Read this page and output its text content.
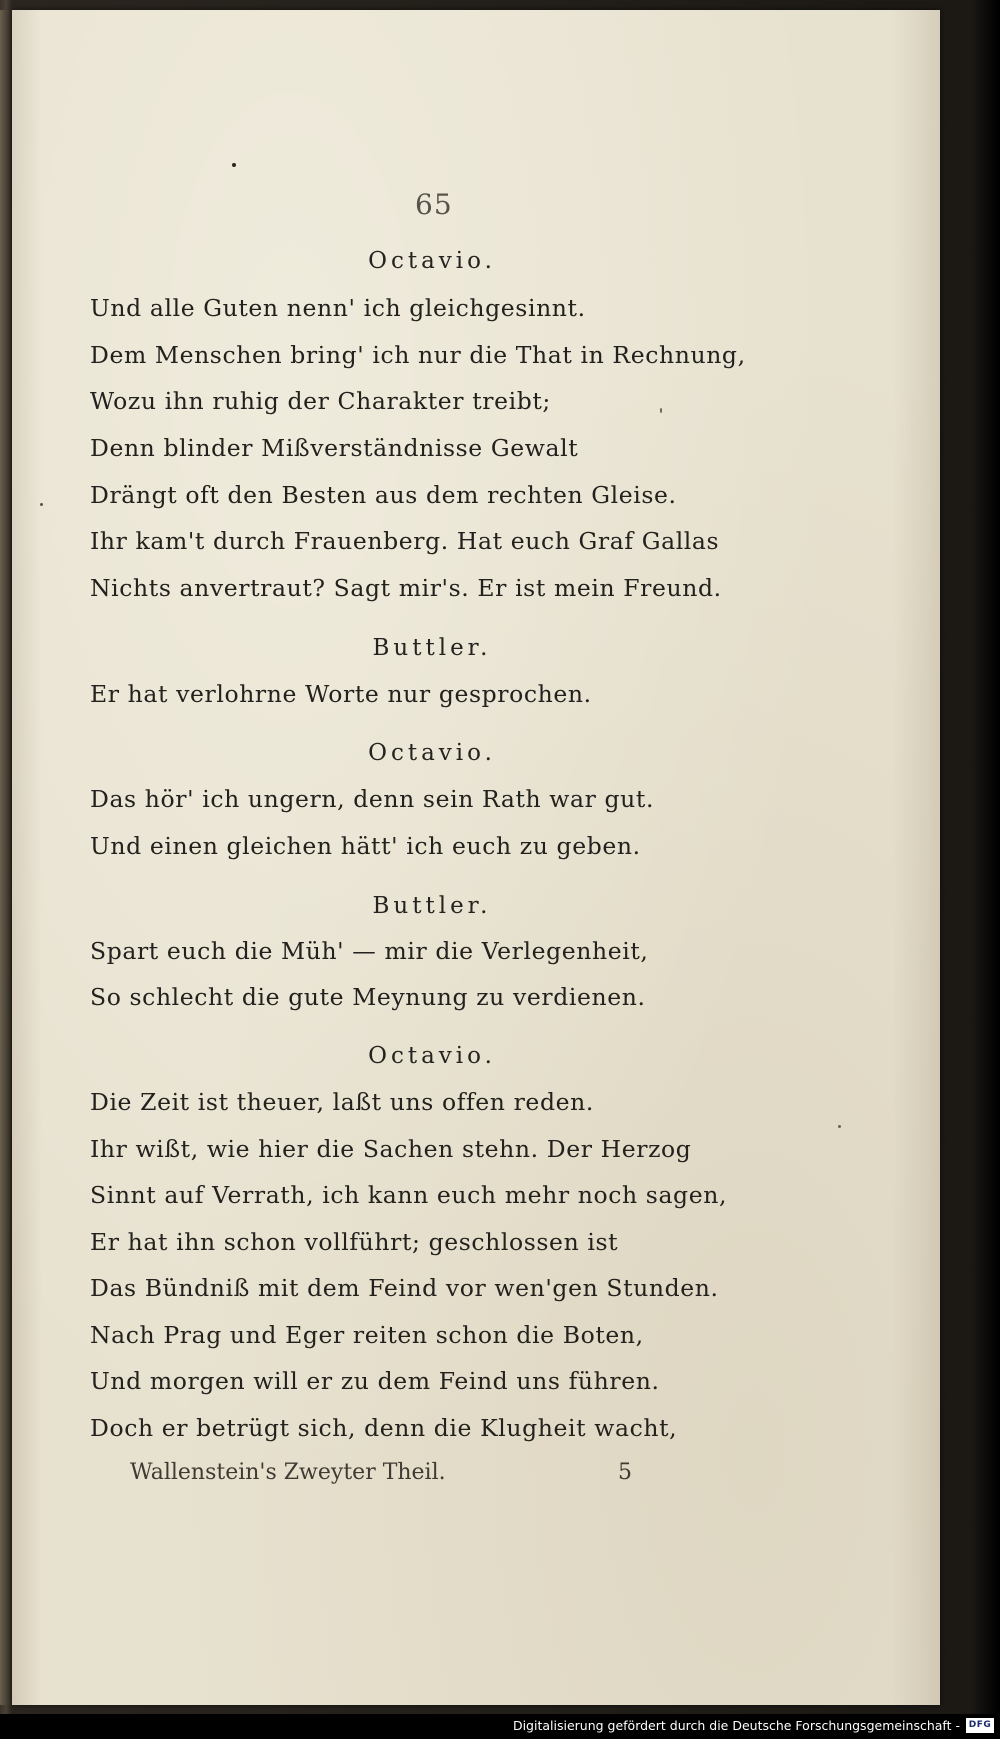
65
Octavio.
Und alle Guten nenn' ich gleichgesinnt.
Dem Menschen bring' ich nur die That in Rechnung,
Wozu ihn ruhig der Charakter treibt;
Denn blinder Mißverständnisse Gewalt
Drängt oft den Besten aus dem rechten Gleise.
Ihr kam't durch Frauenberg. Hat euch Graf Gallas
Nichts anvertraut? Sagt mir's. Er ist mein Freund.
Buttler.
Er hat verlohrne Worte nur gesprochen.
Octavio.
Das hör' ich ungern, denn sein Rath war gut.
Und einen gleichen hätt' ich euch zu geben.
Buttler.
Spart euch die Müh' — mir die Verlegenheit,
So schlecht die gute Meynung zu verdienen.
Octavio.
Die Zeit ist theuer, laßt uns offen reden.
Ihr wißt, wie hier die Sachen stehn. Der Herzog
Sinnt auf Verrath, ich kann euch mehr noch sagen,
Er hat ihn schon vollführt; geschlossen ist
Das Bündniß mit dem Feind vor wen'gen Stunden.
Nach Prag und Eger reiten schon die Boten,
Und morgen will er zu dem Feind uns führen.
Doch er betrügt sich, denn die Klugheit wacht,
Wallenstein's Zweyter Theil.	5
Digitalisierung gefördert durch die Deutsche Forschungsgemeinschaft - DFG
